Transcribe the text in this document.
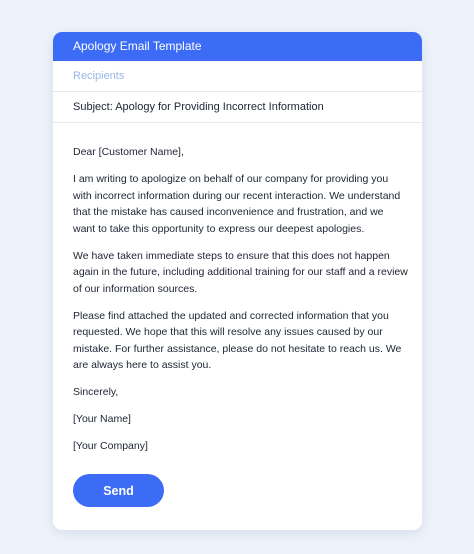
Apology Email Template
Recipients
Subject: Apology for Providing Incorrect Information

Dear [Customer Name],

I am writing to apologize on behalf of our company for providing you with incorrect information during our recent interaction. We understand that the mistake has caused inconvenience and frustration, and we want to take this opportunity to express our deepest apologies.

We have taken immediate steps to ensure that this does not happen again in the future, including additional training for our staff and a review of our information sources.

Please find attached the updated and corrected information that you requested. We hope that this will resolve any issues caused by our mistake. For further assistance, please do not hesitate to reach us. We are always here to assist you.

Sincerely,

[Your Name]

[Your Company]

Send
